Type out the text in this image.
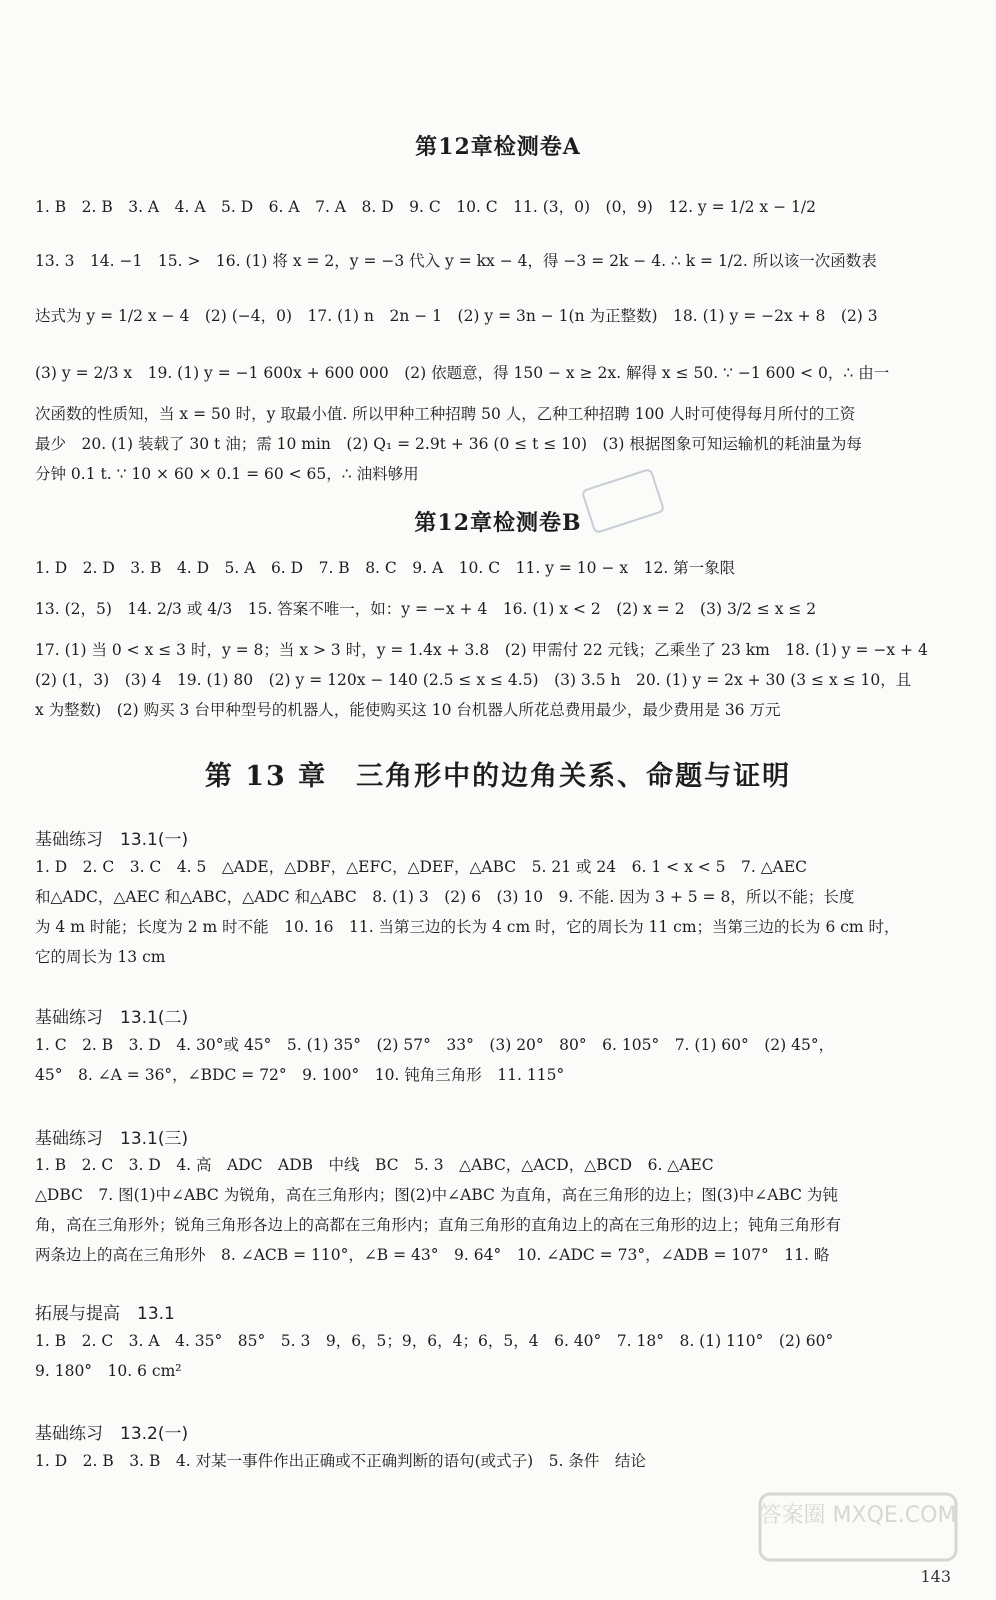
第12章检测卷A
1. B　2. B　3. A　4. A　5. D　6. A　7. A　8. D　9. C　10. C　11. (3，0)　(0，9)　12. y = 1/2 x − 1/2
13. 3　14. −1　15. >　16. (1) 将 x = 2，y = −3 代入 y = kx − 4，得 −3 = 2k − 4. ∴ k = 1/2. 所以该一次函数表
达式为 y = 1/2 x − 4　(2) (−4，0)　17. (1) n　2n − 1　(2) y = 3n − 1(n 为正整数)　18. (1) y = −2x + 8　(2) 3
(3) y = 2/3 x　19. (1) y = −1 600x + 600 000　(2) 依题意，得 150 − x ≥ 2x. 解得 x ≤ 50. ∵ −1 600 < 0，∴ 由一
次函数的性质知，当 x = 50 时，y 取最小值. 所以甲种工种招聘 50 人，乙种工种招聘 100 人时可使得每月所付的工资
最少　20. (1) 装载了 30 t 油；需 10 min　(2) Q₁ = 2.9t + 36 (0 ≤ t ≤ 10)　(3) 根据图象可知运输机的耗油量为每
分钟 0.1 t. ∵ 10 × 60 × 0.1 = 60 < 65，∴ 油料够用
第12章检测卷B
1. D　2. D　3. B　4. D　5. A　6. D　7. B　8. C　9. A　10. C　11. y = 10 − x　12. 第一象限
13. (2，5)　14. 2/3 或 4/3　15. 答案不唯一，如：y = −x + 4　16. (1) x < 2　(2) x = 2　(3) 3/2 ≤ x ≤ 2
17. (1) 当 0 < x ≤ 3 时，y = 8；当 x > 3 时，y = 1.4x + 3.8　(2) 甲需付 22 元钱；乙乘坐了 23 km　18. (1) y = −x + 4
(2) (1，3)　(3) 4　19. (1) 80　(2) y = 120x − 140 (2.5 ≤ x ≤ 4.5)　(3) 3.5 h　20. (1) y = 2x + 30 (3 ≤ x ≤ 10，且
x 为整数)　(2) 购买 3 台甲种型号的机器人，能使购买这 10 台机器人所花总费用最少，最少费用是 36 万元
第 13 章　三角形中的边角关系、命题与证明
基础练习　13.1(一)
1. D　2. C　3. C　4. 5　△ADE，△DBF，△EFC，△DEF，△ABC　5. 21 或 24　6. 1 < x < 5　7. △AEC
和△ADC，△AEC 和△ABC，△ADC 和△ABC　8. (1) 3　(2) 6　(3) 10　9. 不能. 因为 3 + 5 = 8，所以不能；长度
为 4 m 时能；长度为 2 m 时不能　10. 16　11. 当第三边的长为 4 cm 时，它的周长为 11 cm；当第三边的长为 6 cm 时，
它的周长为 13 cm
基础练习　13.1(二)
1. C　2. B　3. D　4. 30°或 45°　5. (1) 35°　(2) 57°　33°　(3) 20°　80°　6. 105°　7. (1) 60°　(2) 45°，
45°　8. ∠A = 36°，∠BDC = 72°　9. 100°　10. 钝角三角形　11. 115°
基础练习　13.1(三)
1. B　2. C　3. D　4. 高　ADC　ADB　中线　BC　5. 3　△ABC，△ACD，△BCD　6. △AEC
△DBC　7. 图(1)中∠ABC 为锐角，高在三角形内；图(2)中∠ABC 为直角，高在三角形的边上；图(3)中∠ABC 为钝
角，高在三角形外；锐角三角形各边上的高都在三角形内；直角三角形的直角边上的高在三角形的边上；钝角三角形有
两条边上的高在三角形外　8. ∠ACB = 110°，∠B = 43°　9. 64°　10. ∠ADC = 73°，∠ADB = 107°　11. 略
拓展与提高　13.1
1. B　2. C　3. A　4. 35°　85°　5. 3　9，6，5；9，6，4；6，5，4　6. 40°　7. 18°　8. (1) 110°　(2) 60°
9. 180°　10. 6 cm²
基础练习　13.2(一)
1. D　2. B　3. B　4. 对某一事件作出正确或不正确判断的语句(或式子)　5. 条件　结论
答案圈 MXQE.COM
143
